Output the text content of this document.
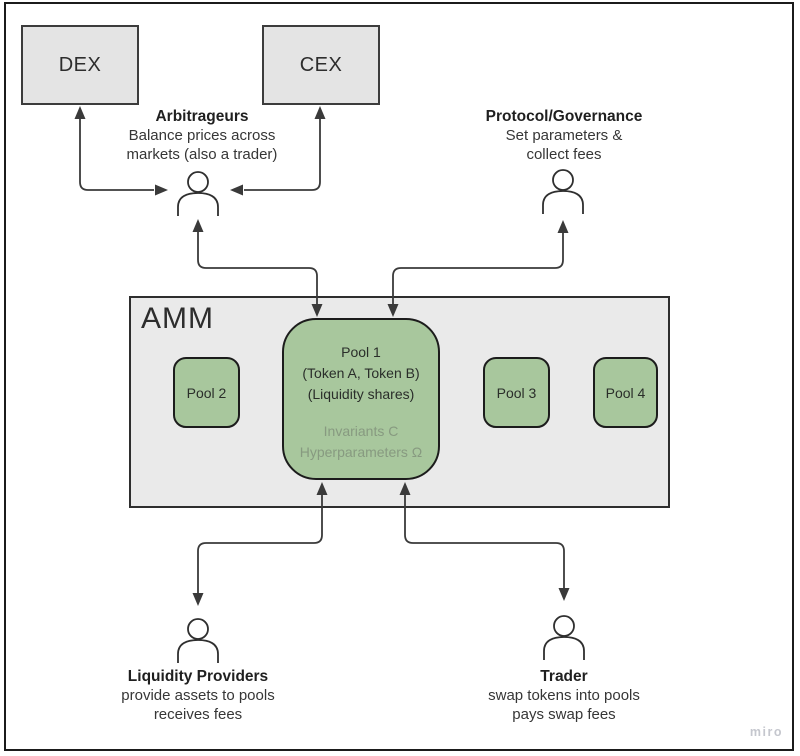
DEX	CEX
AMM
Pool 1
(Token A, Token B)
(Liquidity shares)
Invariants C
Hyperparameters Ω
Pool 2	Pool 3	Pool 4
Arbitrageurs
Balance prices across
markets (also a trader)
Protocol/Governance
Set parameters &
collect fees
Liquidity Providers
provide assets to pools
receives fees
Trader
swap tokens into pools
pays swap fees
miro
